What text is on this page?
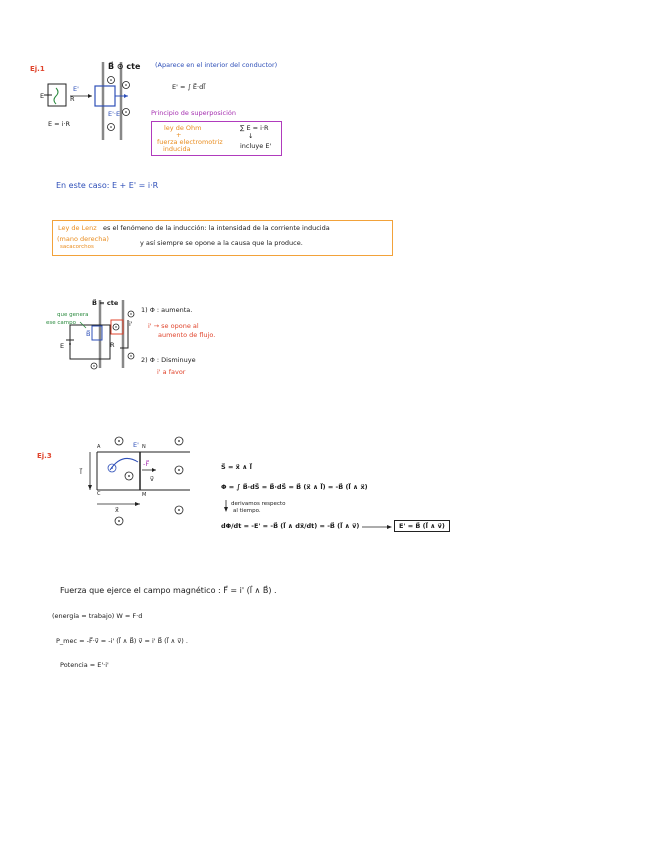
Ej.1
E	R
E'
E = i·R
E'·E
B⃗ ⊙ cte (Aparece en el interior del conductor)
E' = ∫ E⃗·dl⃗
Principio de superposición
ley de Ohm
+
fuerza electromotriz
inducida
∑ E = i·R
↓
incluye E'
En este caso: E + E' = i·R
Ley de Lenz
(mano derecha)
sacacorchos
es el fenómeno de la inducción: la intensidad de la corriente inducida
y así siempre se opone a la causa que la produce.
B⃗ = cte
que genera
ese campo
E	R
i'
B⃗
1) Φ : aumenta.
i' → se opone al
aumento de flujo.
2) Φ : Disminuye
i' a favor
Ej.3
A
C	M
N
l⃗
x⃗
v⃗
-F⃗
E'
S⃗ = x⃗ ∧ l⃗
Φ = ∫ B⃗·dS⃗ = B⃗·dS⃗ = B⃗ (x⃗ ∧ l⃗) = -B⃗ (l⃗ ∧ x⃗)
derivamos respecto
al tiempo.
dΦ/dt = -E' = -B⃗ (l⃗ ∧ dx⃗/dt) = -B⃗ (l⃗ ∧ v⃗)	E' = B⃗ (l⃗ ∧ v⃗)
Fuerza que ejerce el campo magnético : F⃗ = i' (l⃗ ∧ B⃗) .
(energía = trabajo) W = F·d
P_mec = -F⃗·v⃗ = -i' (l⃗ ∧ B⃗) v⃗ = i' B⃗ (l⃗ ∧ v⃗) .
Potencia = E'·i'
